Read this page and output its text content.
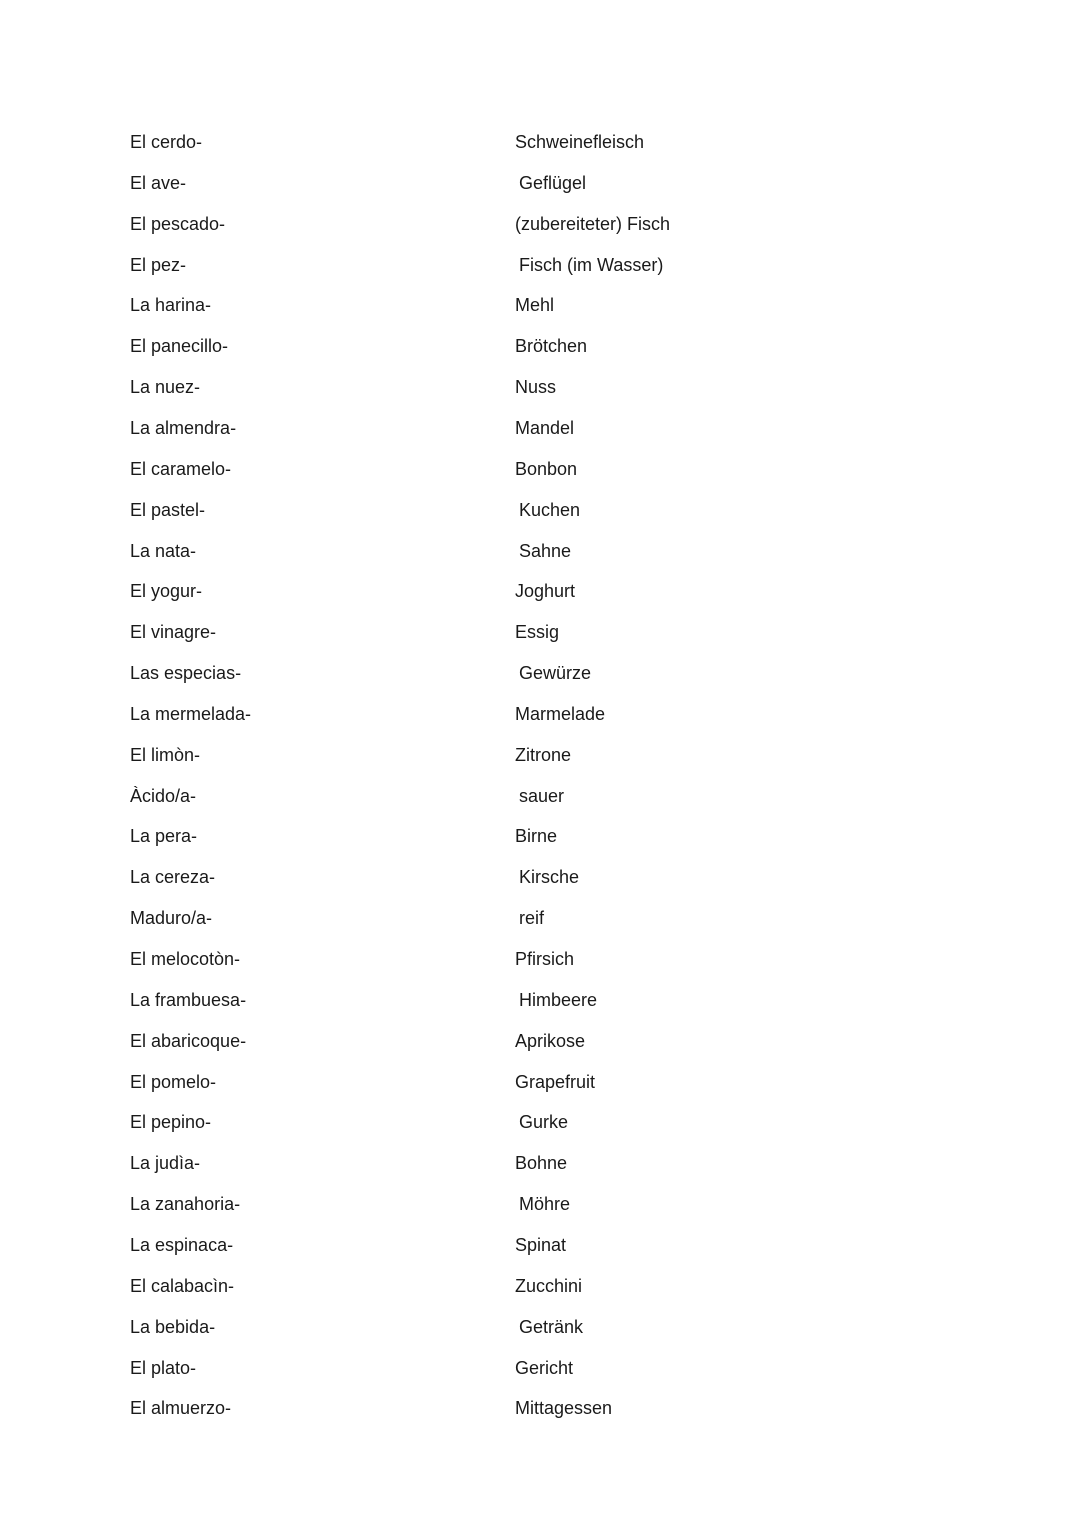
El cerdo-	Schweinefleisch
El ave-	Geflügel
El pescado-	(zubereiteter) Fisch
El pez-	Fisch (im Wasser)
La harina-	Mehl
El panecillo-	Brötchen
La nuez-	Nuss
La almendra-	Mandel
El caramelo-	Bonbon
El pastel-	Kuchen
La nata-	Sahne
El yogur-	Joghurt
El vinagre-	Essig
Las especias-	Gewürze
La mermelada-	Marmelade
El limòn-	Zitrone
Àcido/a-	sauer
La pera-	Birne
La cereza-	Kirsche
Maduro/a-	reif
El melocotòn-	Pfirsich
La frambuesa-	Himbeere
El abaricoque-	Aprikose
El pomelo-	Grapefruit
El pepino-	Gurke
La judìa-	Bohne
La zanahoria-	Möhre
La espinaca-	Spinat
El calabacìn-	Zucchini
La bebida-	Getränk
El plato-	Gericht
El almuerzo-	Mittagessen
